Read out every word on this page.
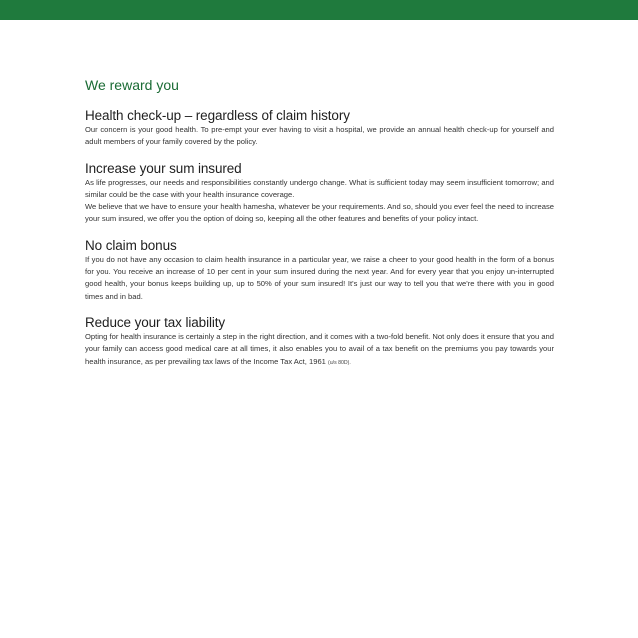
We reward you
Health check-up – regardless of claim history

Our concern is your good health. To pre-empt your ever having to visit a hospital, we provide an annual health check-up for yourself and adult members of your family covered by the policy.

Increase your sum insured

As life progresses, our needs and responsibilities constantly undergo change. What is sufficient today may seem insufficient tomorrow; and similar could be the case with your health insurance coverage.

We believe that we have to ensure your health hamesha, whatever be your requirements. And so, should you ever feel the need to increase your sum insured, we offer you the option of doing so, keeping all the other features and benefits of your policy intact.

No claim bonus

If you do not have any occasion to claim health insurance in a particular year, we raise a cheer to your good health in the form of a bonus for you. You receive an increase of 10 per cent in your sum insured during the next year. And for every year that you enjoy un-interrupted good health, your bonus keeps building up, up to 50% of your sum insured! It's just our way to tell you that we're there with you in good times and in bad.

Reduce your tax liability

Opting for health insurance is certainly a step in the right direction, and it comes with a two-fold benefit. Not only does it ensure that you and your family can access good medical care at all times, it also enables you to avail of a tax benefit on the premiums you pay towards your health insurance, as per prevailing tax laws of the Income Tax Act, 1961 (u/s 80D).
